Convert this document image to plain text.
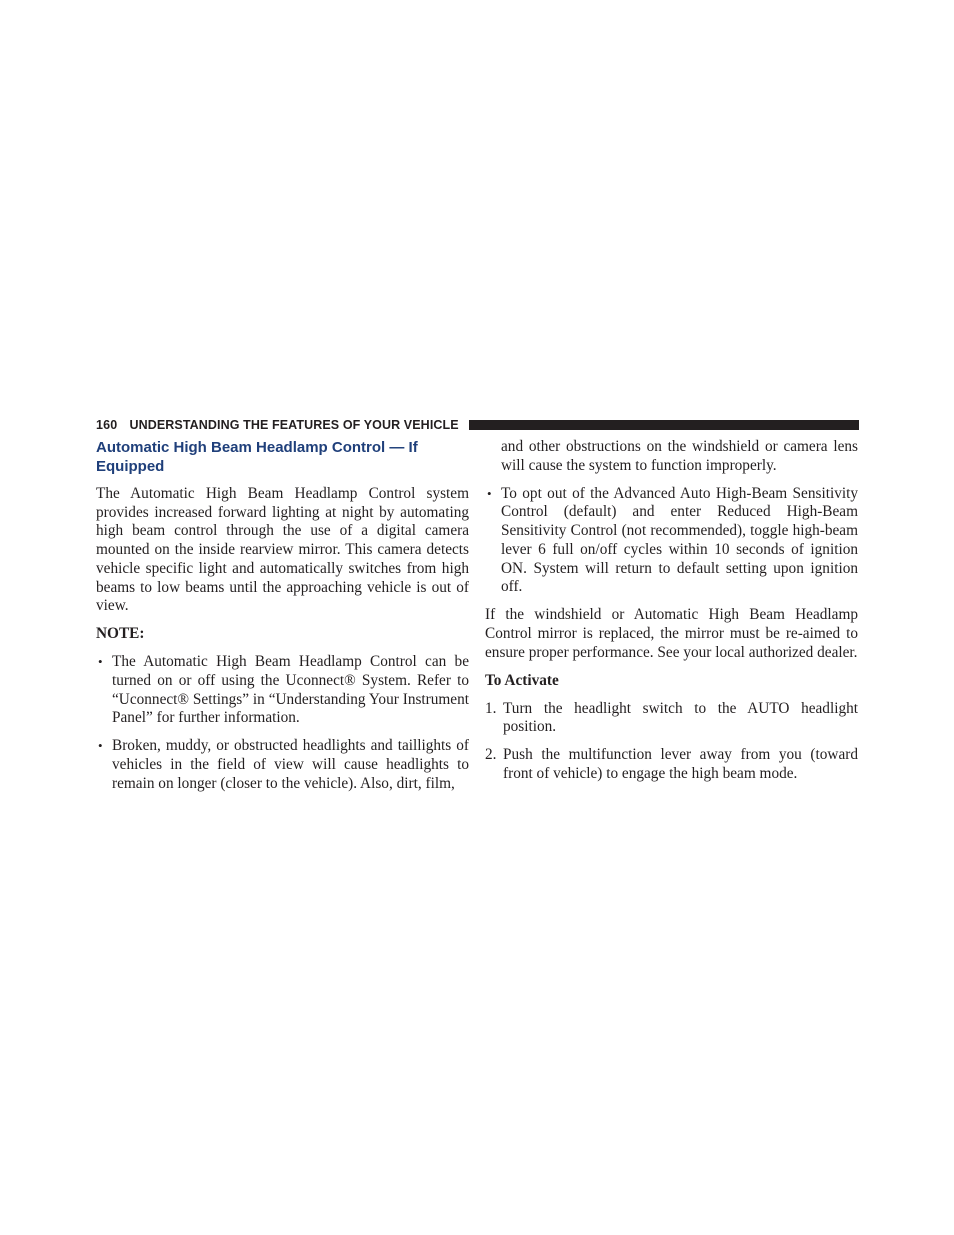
160 UNDERSTANDING THE FEATURES OF YOUR VEHICLE
Automatic High Beam Headlamp Control — If Equipped

The Automatic High Beam Headlamp Control system provides increased forward lighting at night by automating high beam control through the use of a digital camera mounted on the inside rearview mirror. This camera detects vehicle specific light and automatically switches from high beams to low beams until the approaching vehicle is out of view.

NOTE:
• The Automatic High Beam Headlamp Control can be turned on or off using the Uconnect® System. Refer to “Uconnect® Settings” in “Understanding Your Instrument Panel” for further information.
• Broken, muddy, or obstructed headlights and taillights of vehicles in the field of view will cause headlights to remain on longer (closer to the vehicle). Also, dirt, film,
and other obstructions on the windshield or camera lens will cause the system to function improperly.
• To opt out of the Advanced Auto High-Beam Sensitivity Control (default) and enter Reduced High-Beam Sensitivity Control (not recommended), toggle high-beam lever 6 full on/off cycles within 10 seconds of ignition ON. System will return to default setting upon ignition off.

If the windshield or Automatic High Beam Headlamp Control mirror is replaced, the mirror must be re-aimed to ensure proper performance. See your local authorized dealer.

To Activate
1. Turn the headlight switch to the AUTO headlight position.
2. Push the multifunction lever away from you (toward front of vehicle) to engage the high beam mode.
